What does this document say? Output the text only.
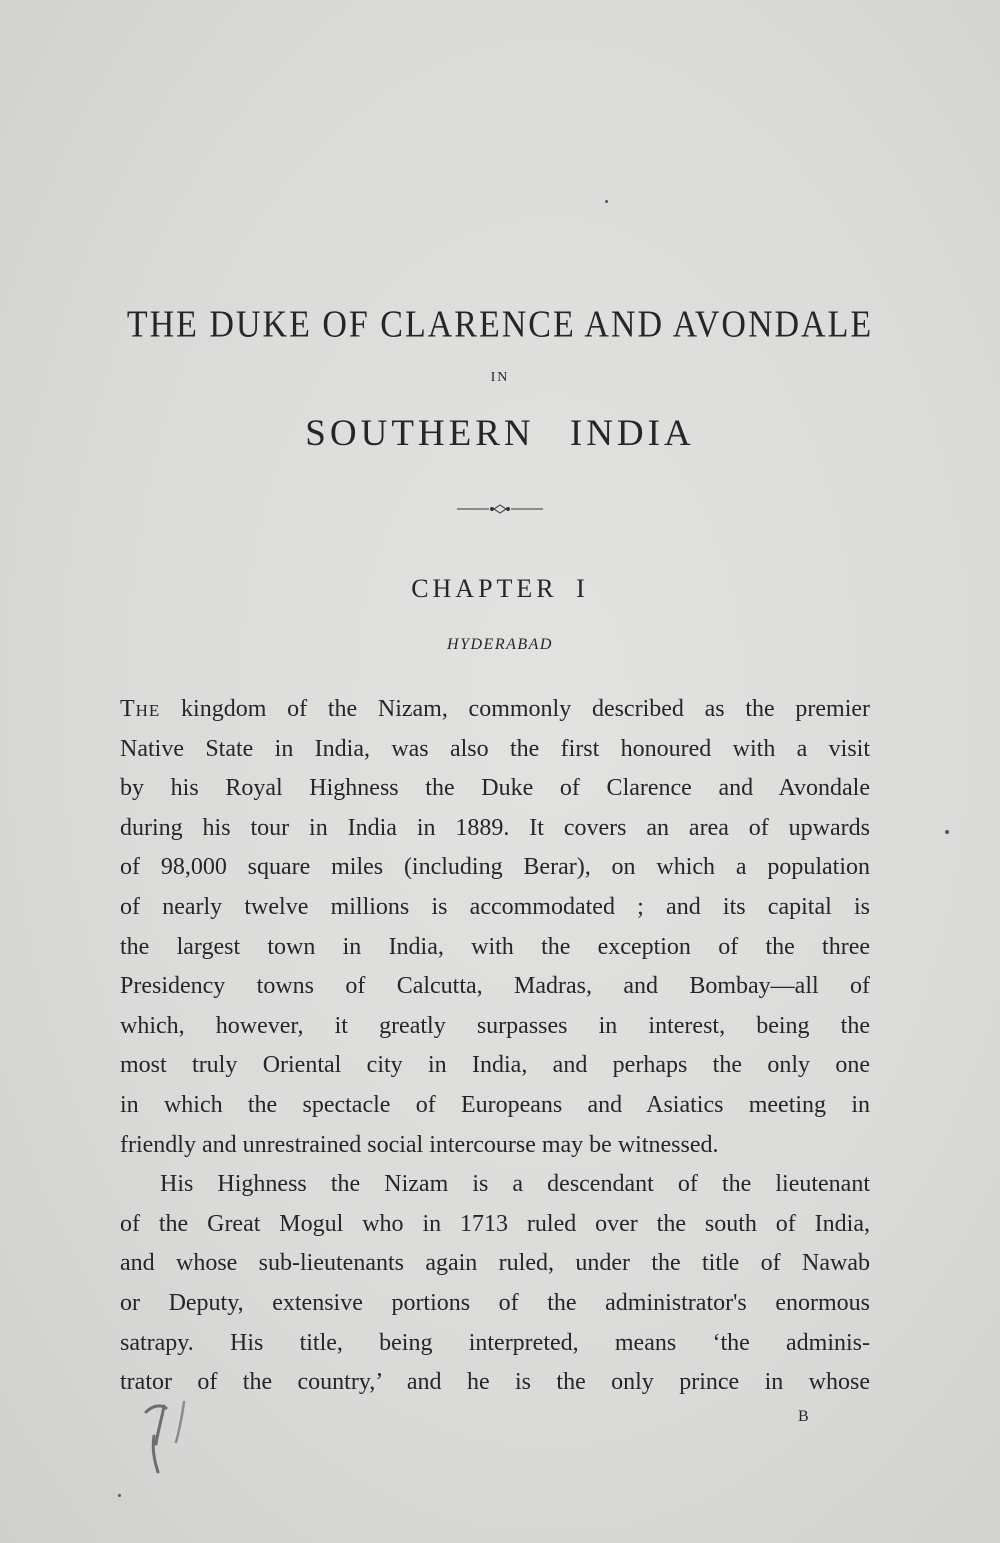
THE DUKE OF CLARENCE AND AVONDALE
IN
SOUTHERN INDIA
CHAPTER I
HYDERABAD
The kingdom of the Nizam, commonly described as the premier
Native State in India, was also the first honoured with a visit
by his Royal Highness the Duke of Clarence and Avondale
during his tour in India in 1889. It covers an area of upwards
of 98,000 square miles (including Berar), on which a population
of nearly twelve millions is accommodated ; and its capital is
the largest town in India, with the exception of the three
Presidency towns of Calcutta, Madras, and Bombay—all of
which, however, it greatly surpasses in interest, being the
most truly Oriental city in India, and perhaps the only one
in which the spectacle of Europeans and Asiatics meeting in
friendly and unrestrained social intercourse may be witnessed.
His Highness the Nizam is a descendant of the lieutenant
of the Great Mogul who in 1713 ruled over the south of India,
and whose sub-lieutenants again ruled, under the title of Nawab
or Deputy, extensive portions of the administrator's enormous
satrapy. His title, being interpreted, means ‘the adminis-
trator of the country,’ and he is the only prince in whose
B
